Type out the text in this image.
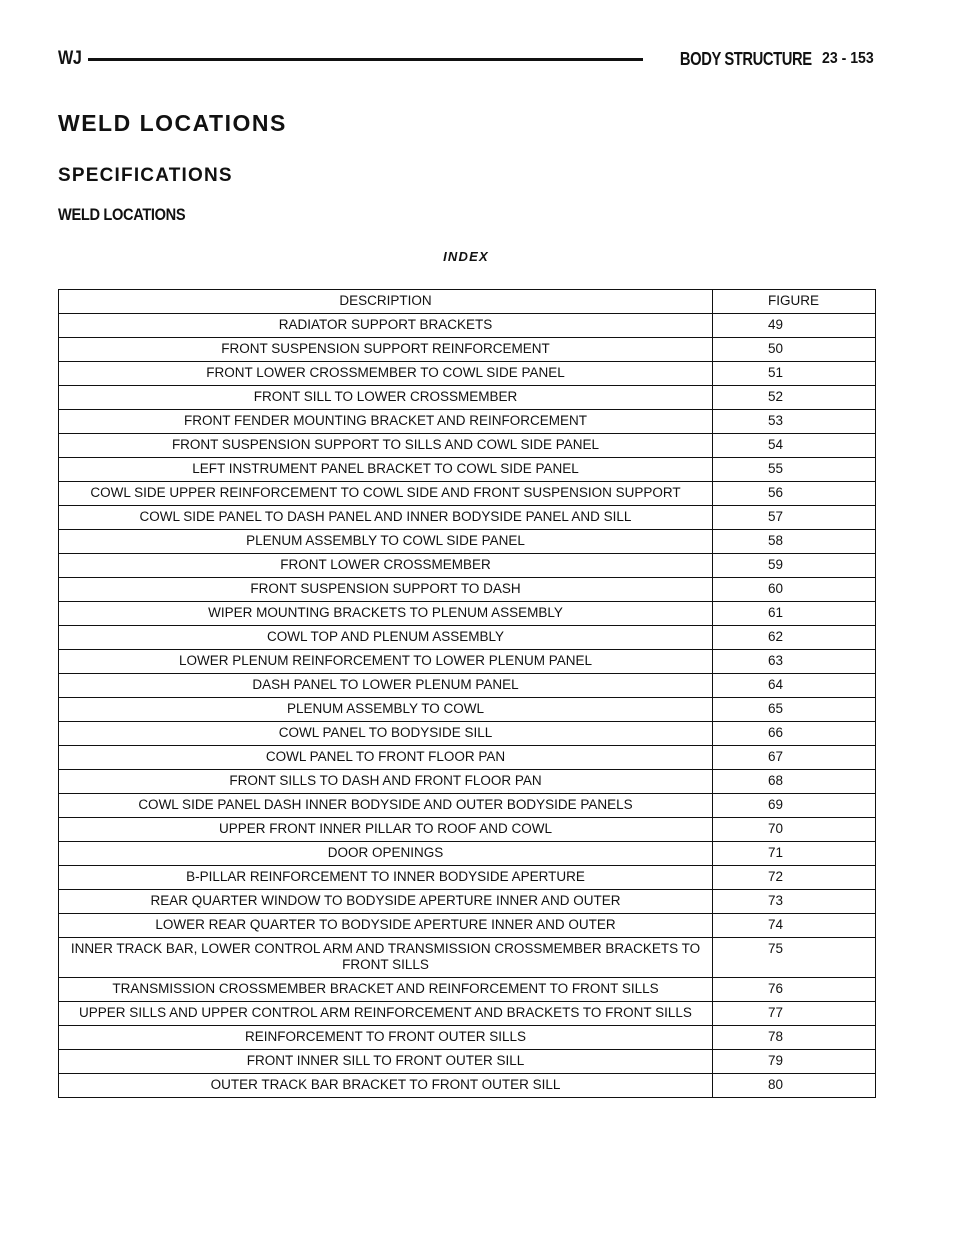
WJ	BODY STRUCTURE 23 - 153
WELD LOCATIONS
SPECIFICATIONS
WELD LOCATIONS
INDEX
DESCRIPTION	FIGURE
RADIATOR SUPPORT BRACKETS	49
FRONT SUSPENSION SUPPORT REINFORCEMENT	50
FRONT LOWER CROSSMEMBER TO COWL SIDE PANEL	51
FRONT SILL TO LOWER CROSSMEMBER	52
FRONT FENDER MOUNTING BRACKET AND REINFORCEMENT	53
FRONT SUSPENSION SUPPORT TO SILLS AND COWL SIDE PANEL	54
LEFT INSTRUMENT PANEL BRACKET TO COWL SIDE PANEL	55
COWL SIDE UPPER REINFORCEMENT TO COWL SIDE AND FRONT SUSPENSION SUPPORT	56
COWL SIDE PANEL TO DASH PANEL AND INNER BODYSIDE PANEL AND SILL	57
PLENUM ASSEMBLY TO COWL SIDE PANEL	58
FRONT LOWER CROSSMEMBER	59
FRONT SUSPENSION SUPPORT TO DASH	60
WIPER MOUNTING BRACKETS TO PLENUM ASSEMBLY	61
COWL TOP AND PLENUM ASSEMBLY	62
LOWER PLENUM REINFORCEMENT TO LOWER PLENUM PANEL	63
DASH PANEL TO LOWER PLENUM PANEL	64
PLENUM ASSEMBLY TO COWL	65
COWL PANEL TO BODYSIDE SILL	66
COWL PANEL TO FRONT FLOOR PAN	67
FRONT SILLS TO DASH AND FRONT FLOOR PAN	68
COWL SIDE PANEL DASH INNER BODYSIDE AND OUTER BODYSIDE PANELS	69
UPPER FRONT INNER PILLAR TO ROOF AND COWL	70
DOOR OPENINGS	71
B-PILLAR REINFORCEMENT TO INNER BODYSIDE APERTURE	72
REAR QUARTER WINDOW TO BODYSIDE APERTURE INNER AND OUTER	73
LOWER REAR QUARTER TO BODYSIDE APERTURE INNER AND OUTER	74
INNER TRACK BAR, LOWER CONTROL ARM AND TRANSMISSION CROSSMEMBER BRACKETS TO FRONT SILLS	75
TRANSMISSION CROSSMEMBER BRACKET AND REINFORCEMENT TO FRONT SILLS	76
UPPER SILLS AND UPPER CONTROL ARM REINFORCEMENT AND BRACKETS TO FRONT SILLS	77
REINFORCEMENT TO FRONT OUTER SILLS	78
FRONT INNER SILL TO FRONT OUTER SILL	79
OUTER TRACK BAR BRACKET TO FRONT OUTER SILL	80
